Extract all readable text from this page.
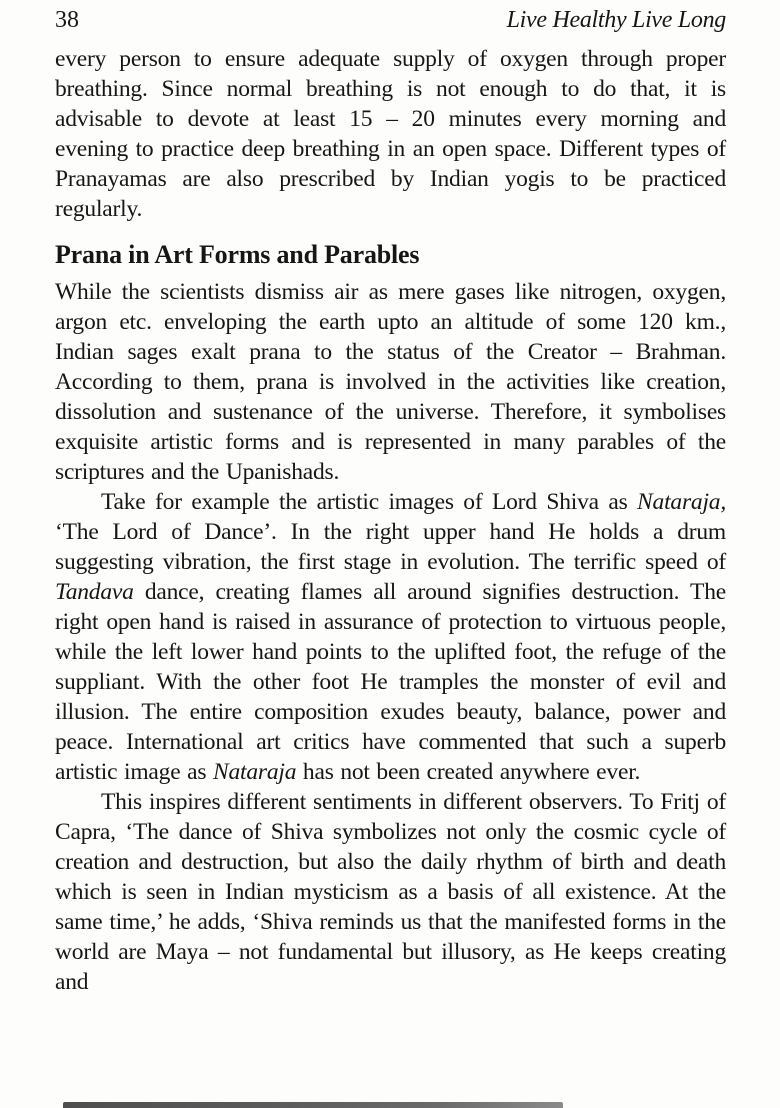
38	Live Healthy Live Long

every person to ensure adequate supply of oxygen through proper breathing. Since normal breathing is not enough to do that, it is advisable to devote at least 15 – 20 minutes every morning and evening to practice deep breathing in an open space. Different types of Pranayamas are also prescribed by Indian yogis to be practiced regularly.

Prana in Art Forms and Parables

While the scientists dismiss air as mere gases like nitrogen, oxygen, argon etc. enveloping the earth upto an altitude of some 120 km., Indian sages exalt prana to the status of the Creator – Brahman. According to them, prana is involved in the activities like creation, dissolution and sustenance of the universe. Therefore, it symbolises exquisite artistic forms and is represented in many parables of the scriptures and the Upanishads.

Take for example the artistic images of Lord Shiva as Nataraja, ‘The Lord of Dance’. In the right upper hand He holds a drum suggesting vibration, the first stage in evolution. The terrific speed of Tandava dance, creating flames all around signifies destruction. The right open hand is raised in assurance of protection to virtuous people, while the left lower hand points to the uplifted foot, the refuge of the suppliant. With the other foot He tramples the monster of evil and illusion. The entire composition exudes beauty, balance, power and peace. International art critics have commented that such a superb artistic image as Nataraja has not been created anywhere ever.

This inspires different sentiments in different observers. To Fritj of Capra, ‘The dance of Shiva symbolizes not only the cosmic cycle of creation and destruction, but also the daily rhythm of birth and death which is seen in Indian mysticism as a basis of all existence. At the same time,’ he adds, ‘Shiva reminds us that the manifested forms in the world are Maya – not fundamental but illusory, as He keeps creating and
